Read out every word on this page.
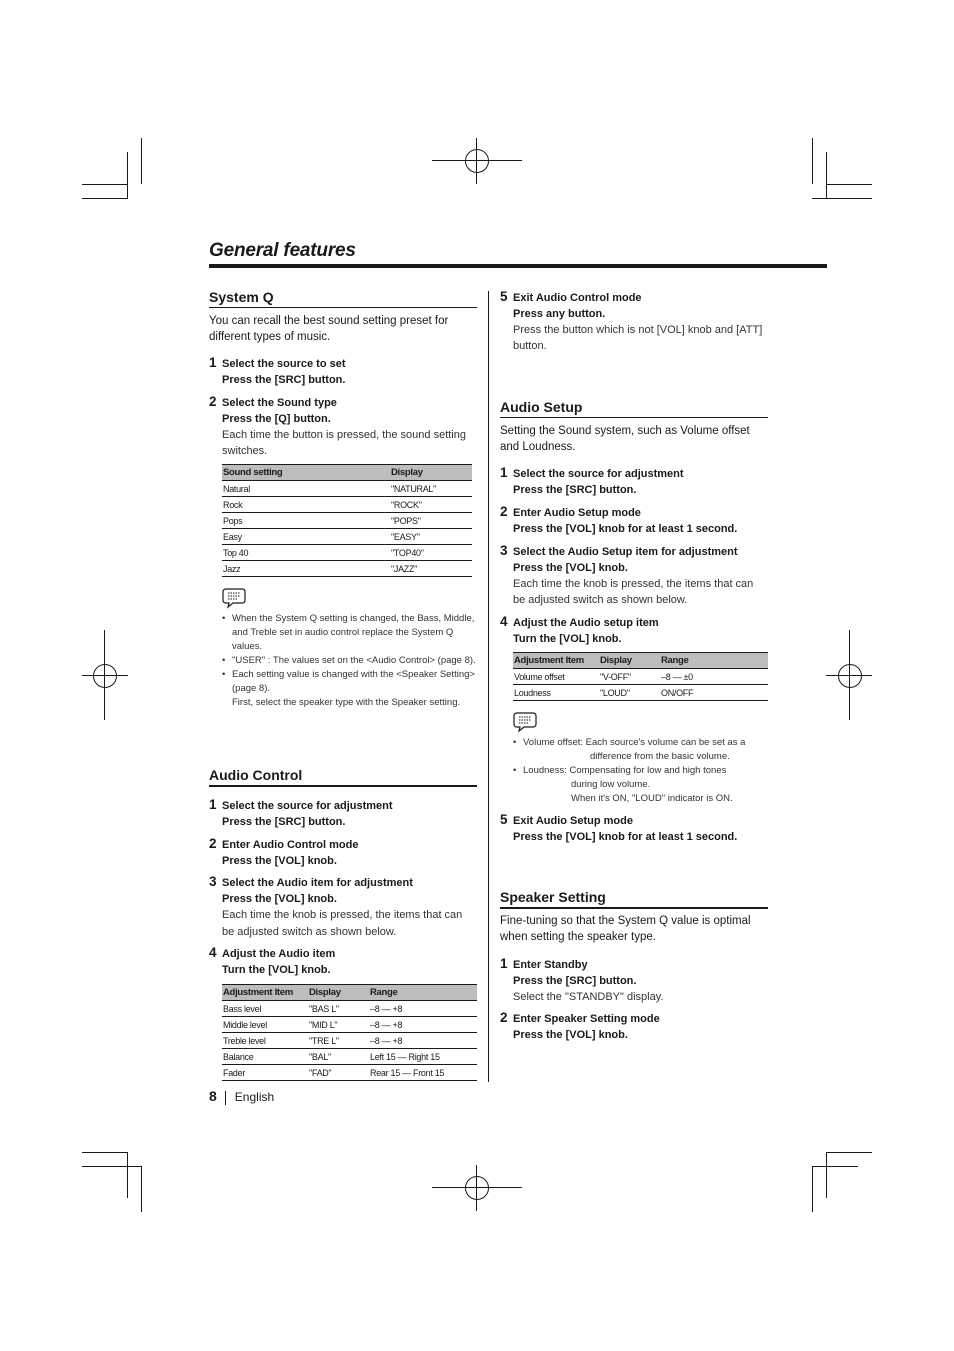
General features
System Q

You can recall the best sound setting preset for different types of music.

1 Select the source to set
Press the [SRC] button.
2 Select the Sound type
Press the [Q] button.
Each time the button is pressed, the sound setting switches.
Sound setting	Display
Natural	"NATURAL"
Rock	"ROCK"
Pops	"POPS"
Easy	"EASY"
Top 40	"TOP40"
Jazz	"JAZZ"
• When the System Q setting is changed, the Bass, Middle, and Treble set in audio control replace the System Q values.
• "USER" : The values set on the <Audio Control> (page 8).
• Each setting value is changed with the <Speaker Setting> (page 8).
First, select the speaker type with the Speaker setting.
Audio Control
1 Select the source for adjustment
Press the [SRC] button.
2 Enter Audio Control mode
Press the [VOL] knob.
3 Select the Audio item for adjustment
Press the [VOL] knob.
Each time the knob is pressed, the items that can be adjusted switch as shown below.
4 Adjust the Audio item
Turn the [VOL] knob.
Adjustment Item	Display	Range
Bass level	"BAS L"	–8 — +8
Middle level	"MID L"	–8 — +8
Treble level	"TRE L"	–8 — +8
Balance	"BAL"	Left 15 — Right 15
Fader	"FAD"	Rear 15 — Front 15
5 Exit Audio Control mode
Press any button.
Press the button which is not [VOL] knob and [ATT] button.
Audio Setup

Setting the Sound system, such as Volume offset and Loudness.

1 Select the source for adjustment
Press the [SRC] button.
2 Enter Audio Setup mode
Press the [VOL] knob for at least 1 second.
3 Select the Audio Setup item for adjustment
Press the [VOL] knob.
Each time the knob is pressed, the items that can be adjusted switch as shown below.
4 Adjust the Audio setup item
Turn the [VOL] knob.
Adjustment Item	Display	Range
Volume offset	"V-OFF"	–8 — ±0
Loudness	"LOUD"	ON/OFF
• Volume offset: Each source's volume can be set as a
difference from the basic volume.
• Loudness: Compensating for low and high tones
during low volume.
When it's ON, "LOUD" indicator is ON.
5 Exit Audio Setup mode
Press the [VOL] knob for at least 1 second.
Speaker Setting

Fine-tuning so that the System Q value is optimal when setting the speaker type.

1 Enter Standby
Press the [SRC] button.
Select the "STANDBY" display.
2 Enter Speaker Setting mode
Press the [VOL] knob.
8 English
